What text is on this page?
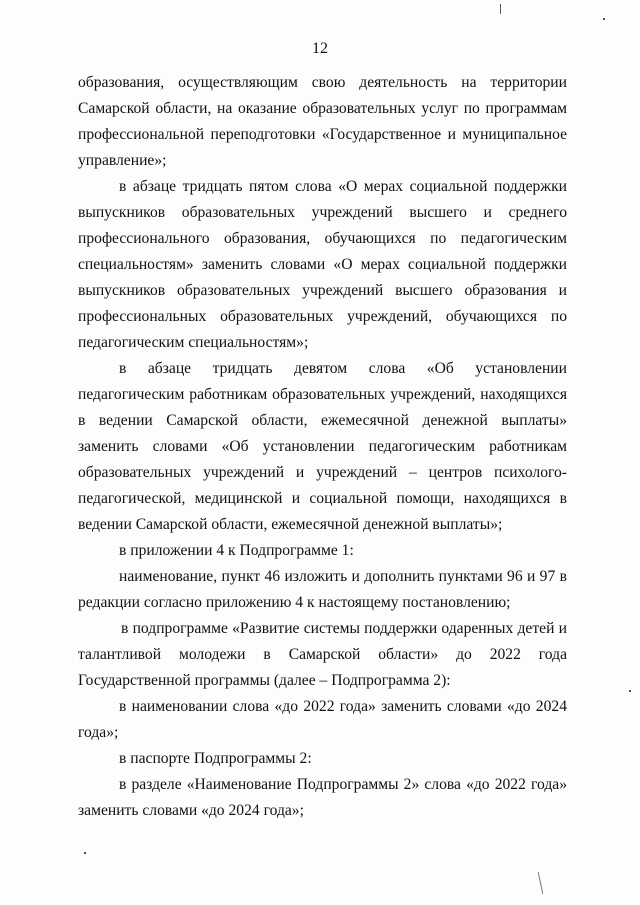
12

образования, осуществляющим свою деятельность на территории Самарской области, на оказание образовательных услуг по программам профессиональной переподготовки «Государственное и муниципальное управление»;

в абзаце тридцать пятом слова «О мерах социальной поддержки выпускников образовательных учреждений высшего и среднего профессионального образования, обучающихся по педагогическим специальностям» заменить словами «О мерах социальной поддержки выпускников образовательных учреждений высшего образования и профессиональных образовательных учреждений, обучающихся по педагогическим специальностям»;

в абзаце тридцать девятом слова «Об установлении педагогическим работникам образовательных учреждений, находящихся в ведении Самарской области, ежемесячной денежной выплаты» заменить словами «Об установлении педагогическим работникам образовательных учреждений и учреждений – центров психолого-педагогической, медицинской и социальной помощи, находящихся в ведении Самарской области, ежемесячной денежной выплаты»;

в приложении 4 к Подпрограмме 1:

наименование, пункт 46 изложить и дополнить пунктами 96 и 97 в редакции согласно приложению 4 к настоящему постановлению;

в подпрограмме «Развитие системы поддержки одаренных детей и талантливой молодежи в Самарской области» до 2022 года Государственной программы (далее – Подпрограмма 2):

в наименовании слова «до 2022 года» заменить словами «до 2024 года»;

в паспорте Подпрограммы 2:

в разделе «Наименование Подпрограммы 2» слова «до 2022 года» заменить словами «до 2024 года»;
